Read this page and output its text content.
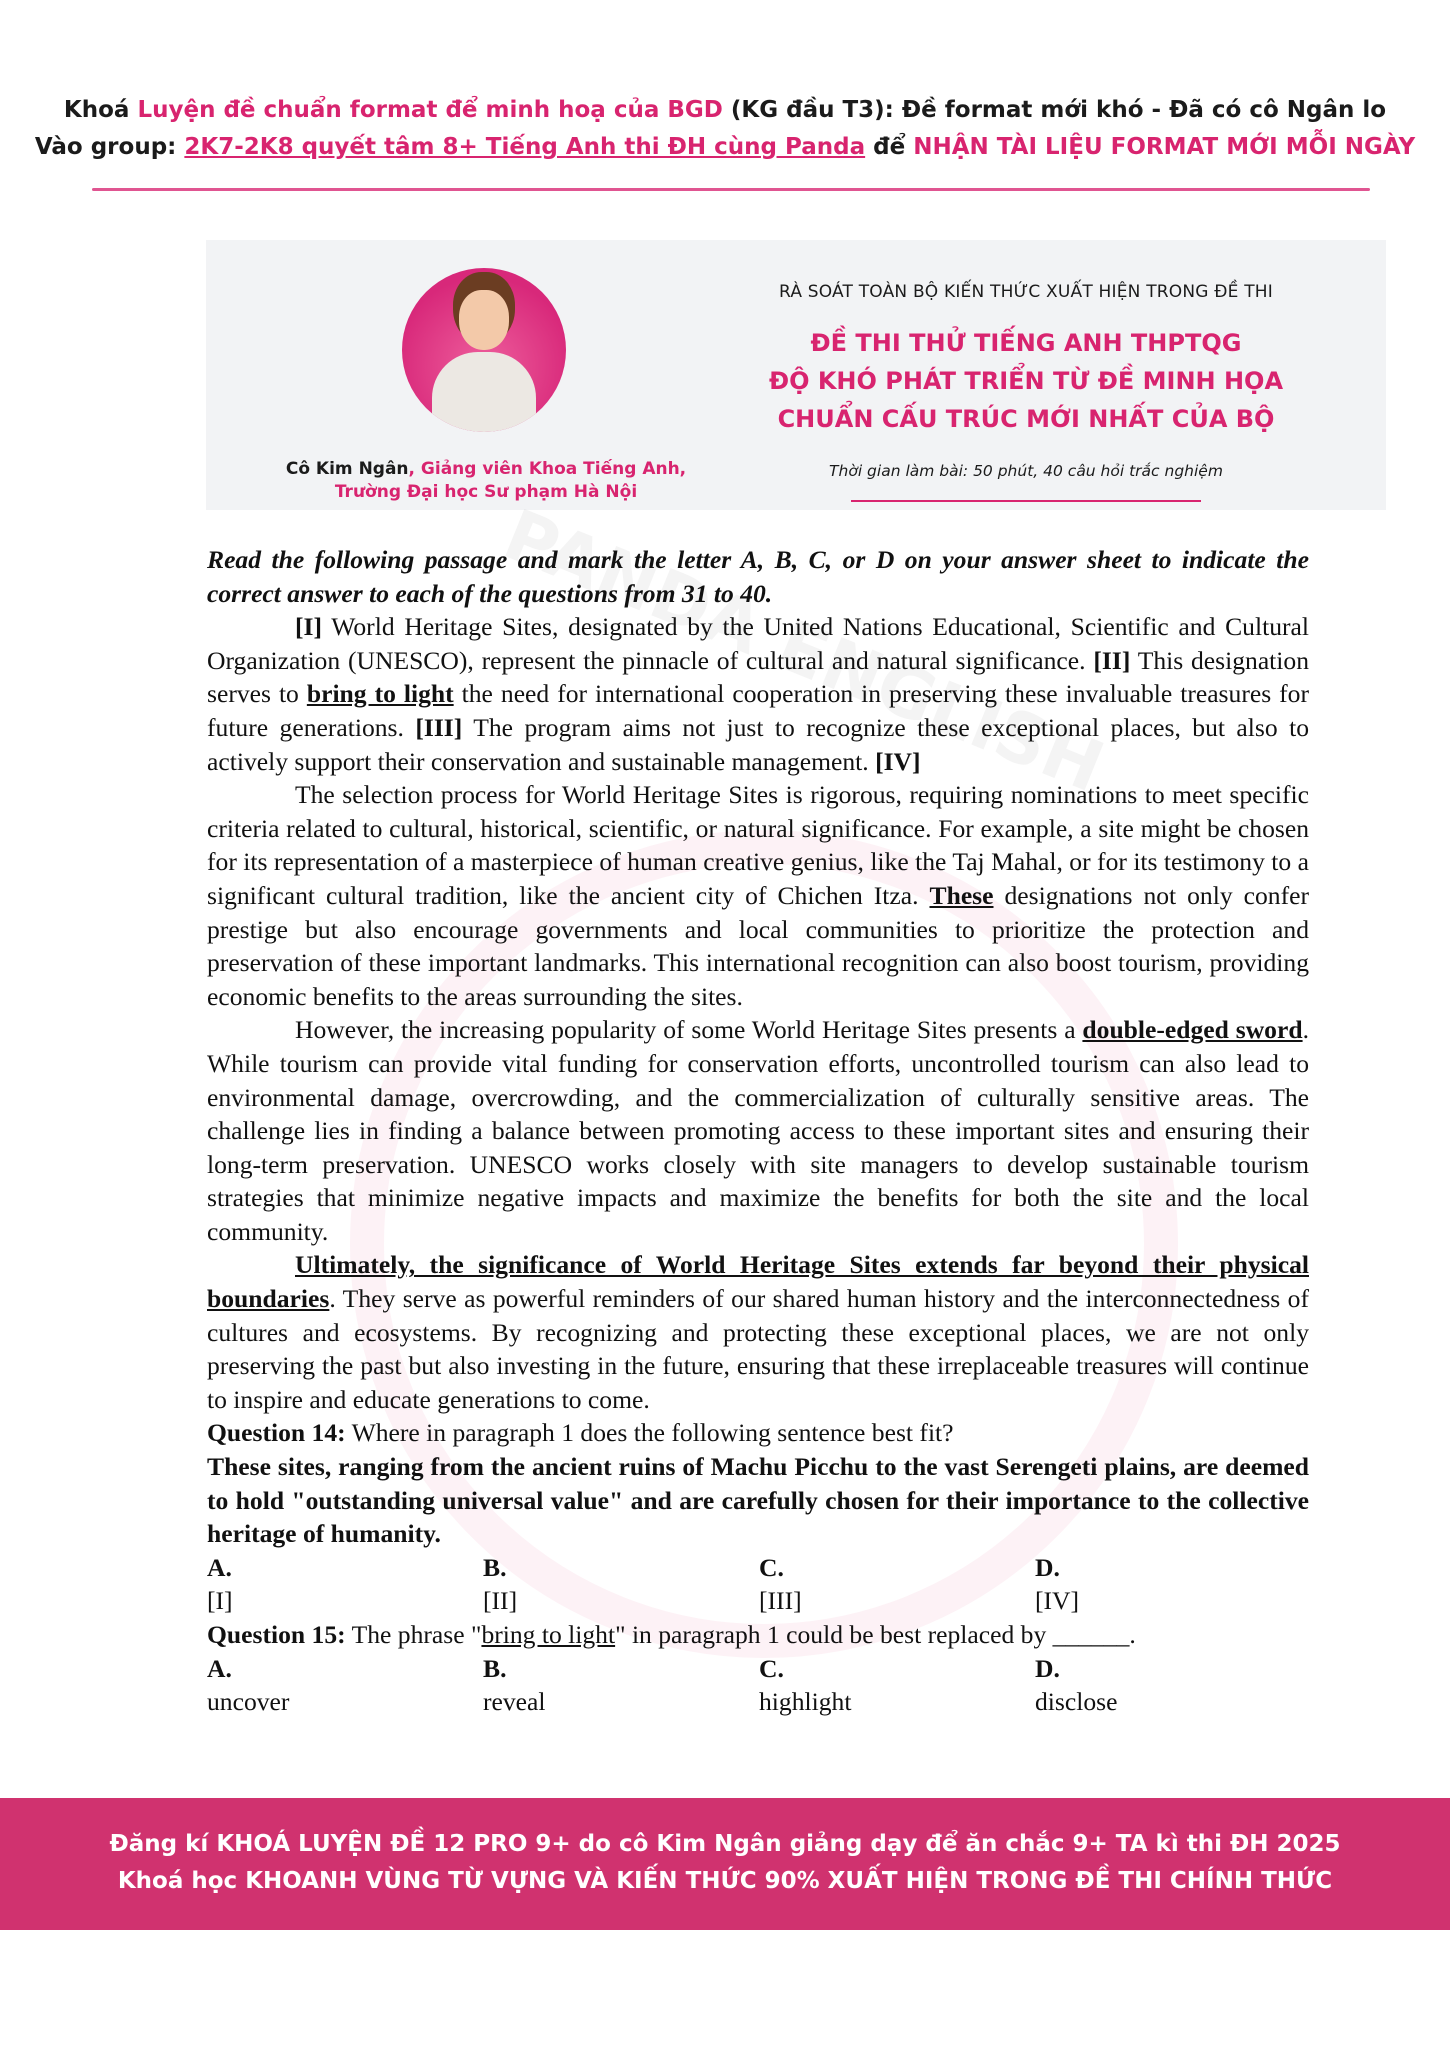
Khoá Luyện đề chuẩn format để minh hoạ của BGD (KG đầu T3): Đề format mới khó - Đã có cô Ngân lo
Vào group: 2K7-2K8 quyết tâm 8+ Tiếng Anh thi ĐH cùng Panda để NHẬN TÀI LIỆU FORMAT MỚI MỖI NGÀY
Cô Kim Ngân, Giảng viên Khoa Tiếng Anh,
Trường Đại học Sư phạm Hà Nội
RÀ SOÁT TOÀN BỘ KIẾN THỨC XUẤT HIỆN TRONG ĐỀ THI
ĐỀ THI THỬ TIẾNG ANH THPTQG
ĐỘ KHÓ PHÁT TRIỂN TỪ ĐỀ MINH HỌA
CHUẨN CẤU TRÚC MỚI NHẤT CỦA BỘ
Thời gian làm bài: 50 phút, 40 câu hỏi trắc nghiệm

Read the following passage and mark the letter A, B, C, or D on your answer sheet to indicate the correct answer to each of the questions from 31 to 40.

[I] World Heritage Sites, designated by the United Nations Educational, Scientific and Cultural Organization (UNESCO), represent the pinnacle of cultural and natural significance. [II] This designation serves to bring to light the need for international cooperation in preserving these invaluable treasures for future generations. [III] The program aims not just to recognize these exceptional places, but also to actively support their conservation and sustainable management. [IV]

The selection process for World Heritage Sites is rigorous, requiring nominations to meet specific criteria related to cultural, historical, scientific, or natural significance. For example, a site might be chosen for its representation of a masterpiece of human creative genius, like the Taj Mahal, or for its testimony to a significant cultural tradition, like the ancient city of Chichen Itza. These designations not only confer prestige but also encourage governments and local communities to prioritize the protection and preservation of these important landmarks. This international recognition can also boost tourism, providing economic benefits to the areas surrounding the sites.

However, the increasing popularity of some World Heritage Sites presents a double-edged sword. While tourism can provide vital funding for conservation efforts, uncontrolled tourism can also lead to environmental damage, overcrowding, and the commercialization of culturally sensitive areas. The challenge lies in finding a balance between promoting access to these important sites and ensuring their long-term preservation. UNESCO works closely with site managers to develop sustainable tourism strategies that minimize negative impacts and maximize the benefits for both the site and the local community.

Ultimately, the significance of World Heritage Sites extends far beyond their physical boundaries. They serve as powerful reminders of our shared human history and the interconnectedness of cultures and ecosystems. By recognizing and protecting these exceptional places, we are not only preserving the past but also investing in the future, ensuring that these irreplaceable treasures will continue to inspire and educate generations to come.

Question 14: Where in paragraph 1 does the following sentence best fit?

These sites, ranging from the ancient ruins of Machu Picchu to the vast Serengeti plains, are deemed to hold "outstanding universal value" and are carefully chosen for their importance to the collective heritage of humanity.

A.
[I]
B.
[II]
C.
[III]
D.
[IV]

Question 15: The phrase "bring to light" in paragraph 1 could be best replaced by ______.

A.
uncover
B.
reveal
C.
highlight
D.
disclose
Đăng kí KHOÁ LUYỆN ĐỀ 12 PRO 9+ do cô Kim Ngân giảng dạy để ăn chắc 9+ TA kì thi ĐH 2025
Khoá học KHOANH VÙNG TỪ VỰNG VÀ KIẾN THỨC 90% XUẤT HIỆN TRONG ĐỀ THI CHÍNH THỨC
